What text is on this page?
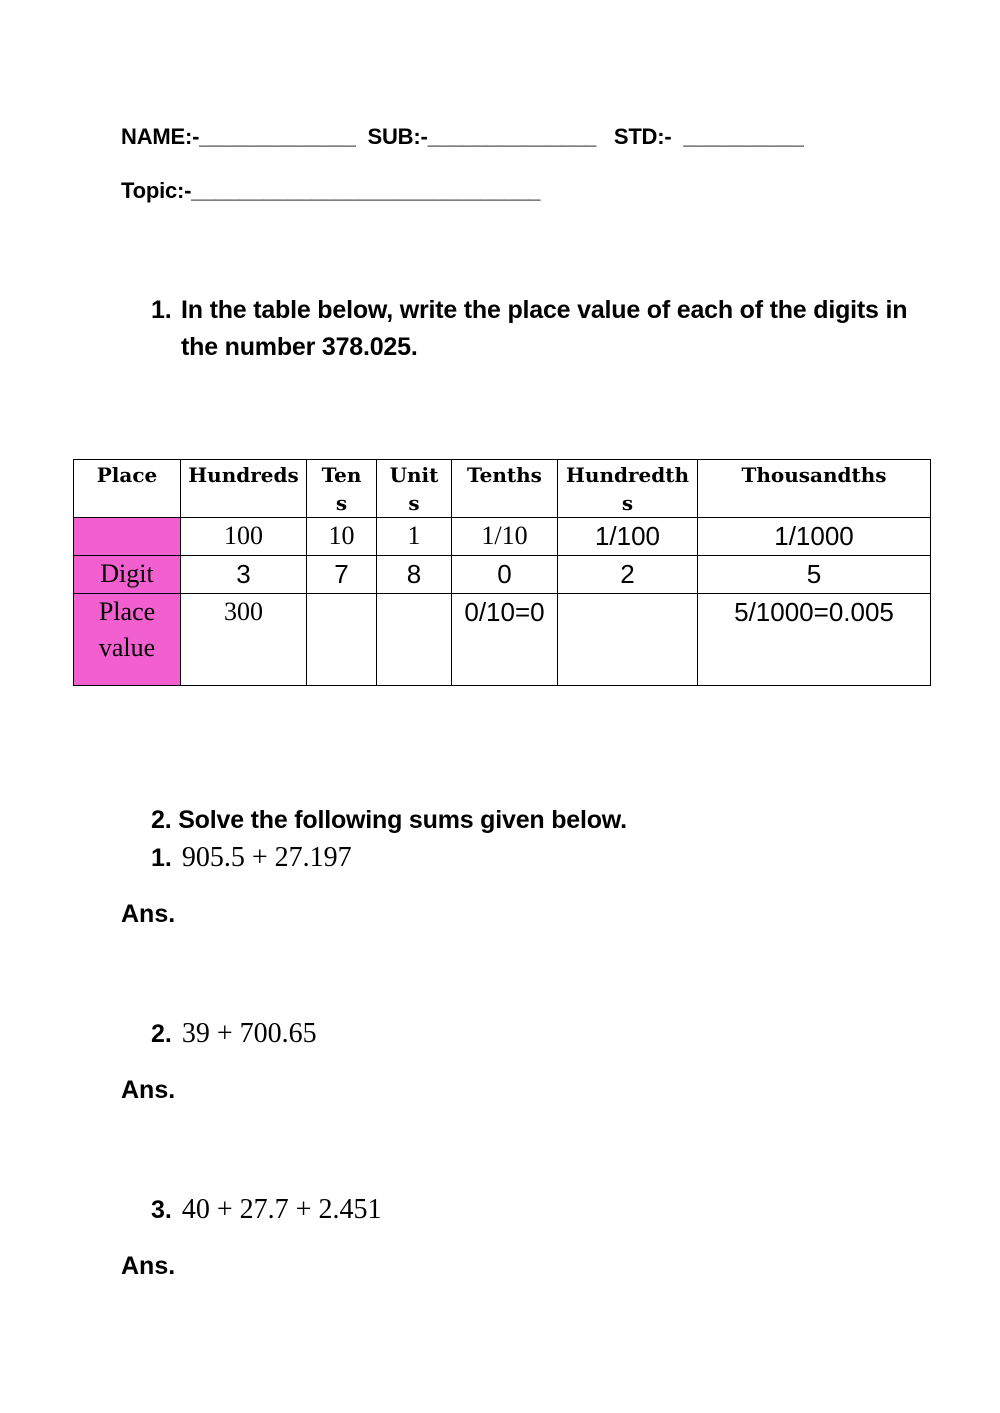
NAME:-_____________  SUB:-______________   STD:-  __________
Topic:-_____________________________
1. In the table below, write the place value of each of the digits in the number 378.025.
Place	Hundreds	Tens	Units	Tenths	Hundredths	Thousandths

	100	10	1	1/10	1/100	1/1000
Digit	3	7	8	0	2	5
Place value	300			0/10=0		5/1000=0.005
2. Solve the following sums given below.
1. 905.5 + 27.197
Ans.
2. 39 + 700.65
Ans.
3. 40 + 27.7 + 2.451
Ans.
